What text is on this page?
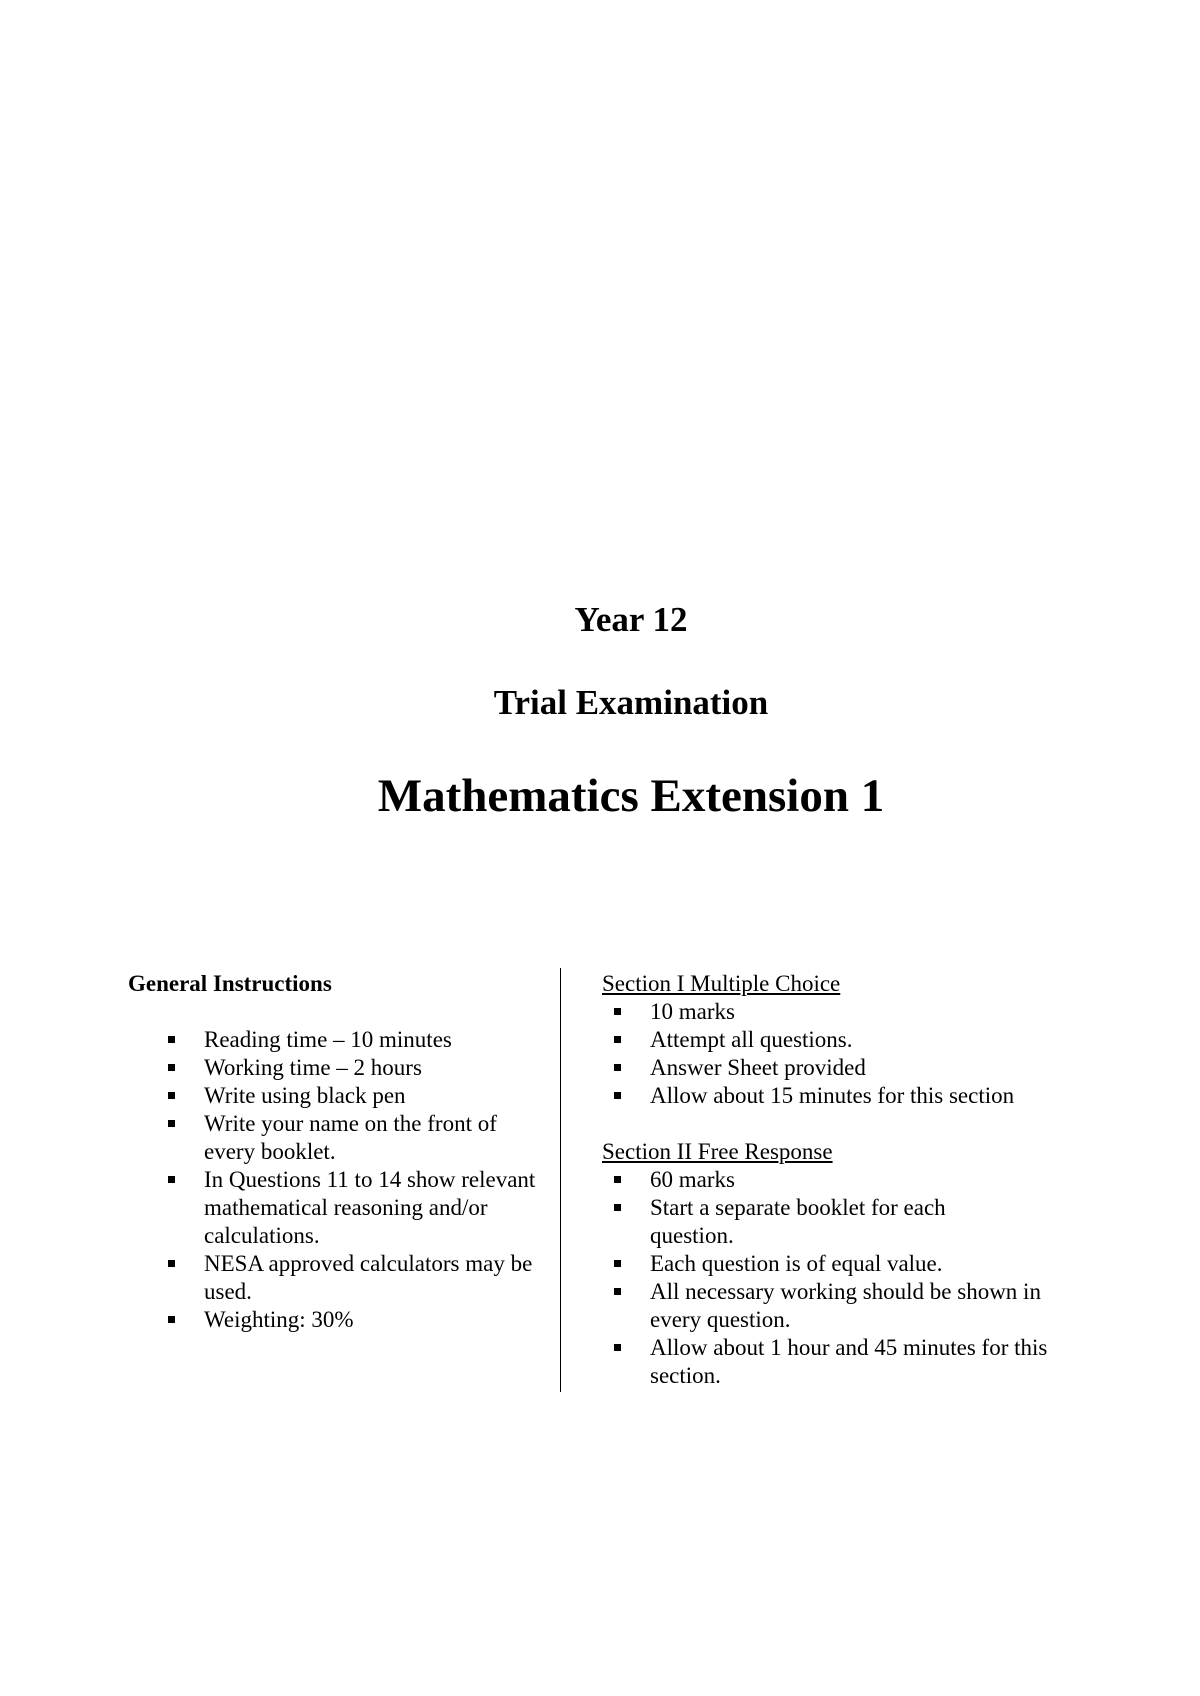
Year 12
Trial Examination
Mathematics Extension 1
General Instructions
Reading time – 10 minutes
Working time – 2 hours
Write using black pen
Write your name on the front of every booklet.
In Questions 11 to 14 show relevant mathematical reasoning and/or calculations.
NESA approved calculators may be used.
Weighting: 30%
Section I Multiple Choice
10 marks
Attempt all questions.
Answer Sheet provided
Allow about 15 minutes for this section
Section II Free Response
60 marks
Start a separate booklet for each question.
Each question is of equal value.
All necessary working should be shown in every question.
Allow about 1 hour and 45 minutes for this section.
